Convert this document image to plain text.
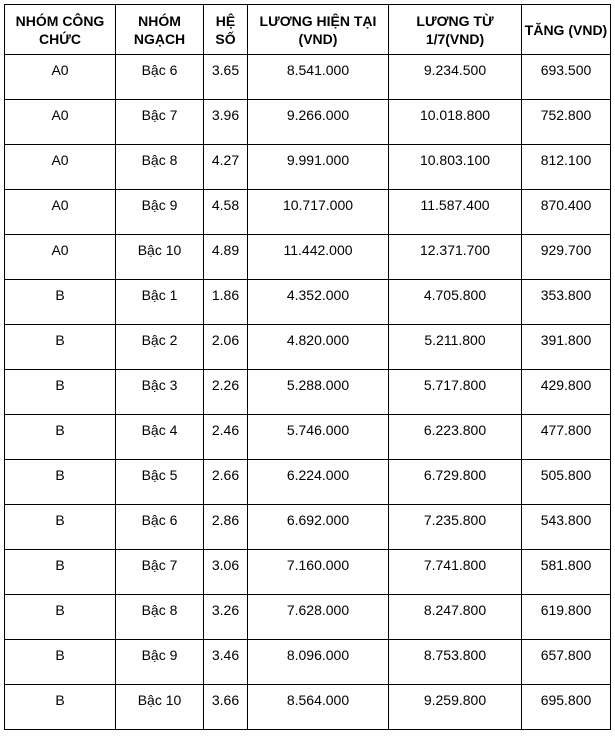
NHÓM CÔNG CHỨC	NHÓM NGẠCH	HỆ SỐ	LƯƠNG HIỆN TẠI (VND)	LƯƠNG TỪ 1/7(VND)	TĂNG (VND)
A0	Bậc 6	3.65	8.541.000	9.234.500	693.500
A0	Bậc 7	3.96	9.266.000	10.018.800	752.800
A0	Bậc 8	4.27	9.991.000	10.803.100	812.100
A0	Bậc 9	4.58	10.717.000	11.587.400	870.400
A0	Bậc 10	4.89	11.442.000	12.371.700	929.700
B	Bậc 1	1.86	4.352.000	4.705.800	353.800
B	Bậc 2	2.06	4.820.000	5.211.800	391.800
B	Bậc 3	2.26	5.288.000	5.717.800	429.800
B	Bậc 4	2.46	5.746.000	6.223.800	477.800
B	Bậc 5	2.66	6.224.000	6.729.800	505.800
B	Bậc 6	2.86	6.692.000	7.235.800	543.800
B	Bậc 7	3.06	7.160.000	7.741.800	581.800
B	Bậc 8	3.26	7.628.000	8.247.800	619.800
B	Bậc 9	3.46	8.096.000	8.753.800	657.800
B	Bậc 10	3.66	8.564.000	9.259.800	695.800
